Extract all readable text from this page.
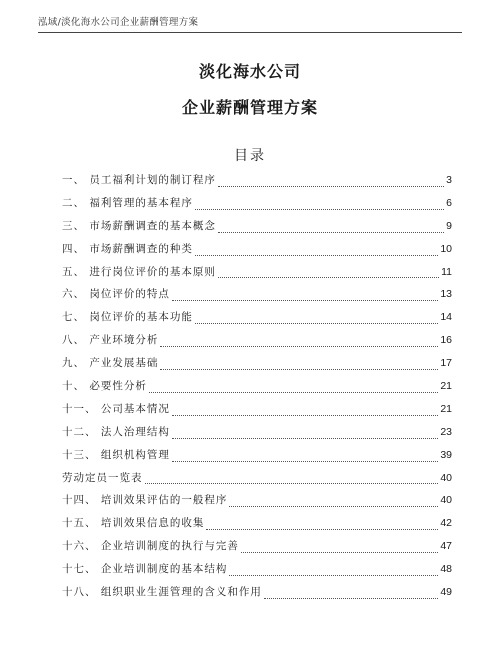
泓域/淡化海水公司企业薪酬管理方案
淡化海水公司
企业薪酬管理方案
目录
一、 员工福利计划的制订程序	3
二、 福利管理的基本程序	6
三、 市场薪酬调查的基本概念	9
四、 市场薪酬调查的种类	10
五、 进行岗位评价的基本原则	11
六、 岗位评价的特点	13
七、 岗位评价的基本功能	14
八、 产业环境分析	16
九、 产业发展基础	17
十、 必要性分析	21
十一、 公司基本情况	21
十二、 法人治理结构	23
十三、 组织机构管理	39
劳动定员一览表	40
十四、 培训效果评估的一般程序	40
十五、 培训效果信息的收集	42
十六、 企业培训制度的执行与完善	47
十七、 企业培训制度的基本结构	48
十八、 组织职业生涯管理的含义和作用	49
